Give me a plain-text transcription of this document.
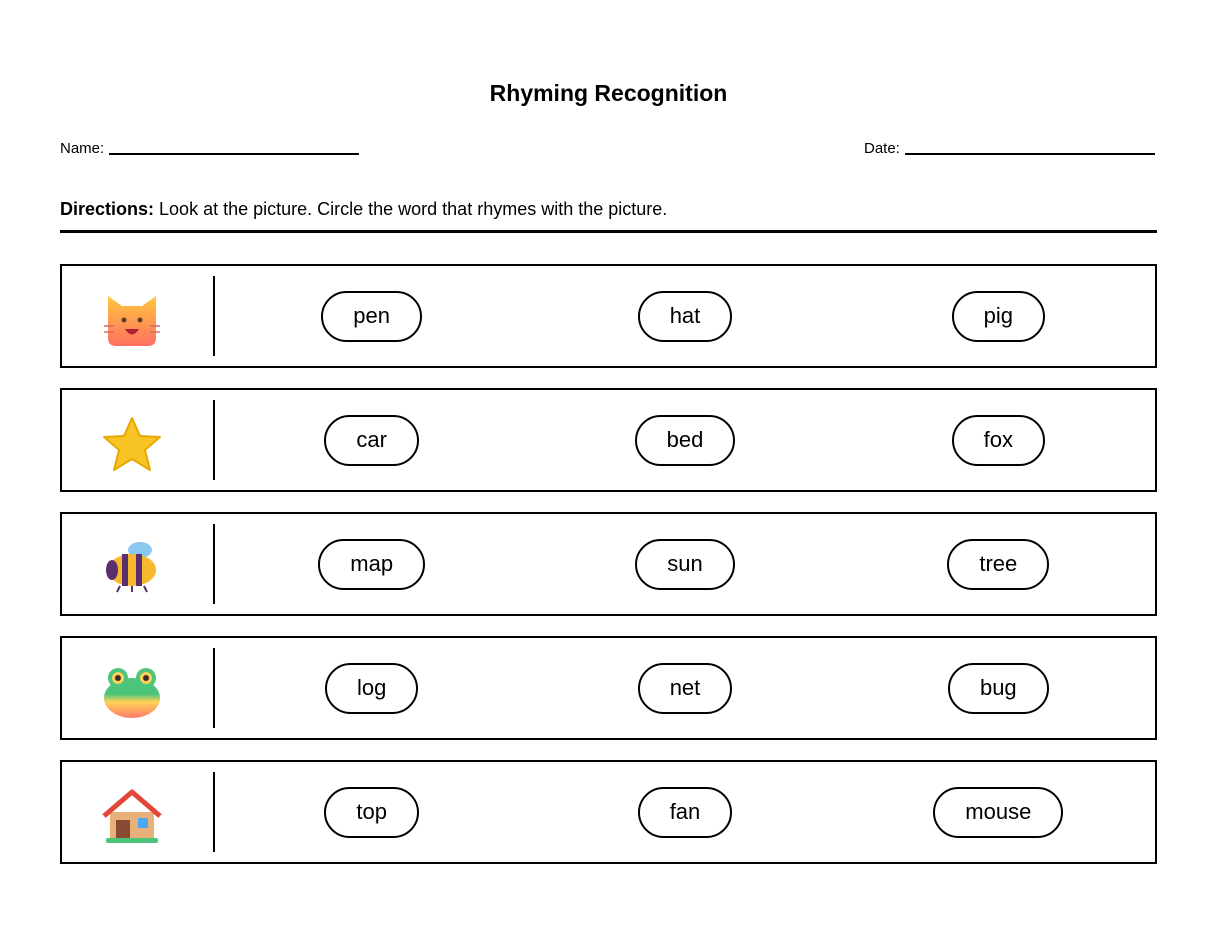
Rhyming Recognition
Name:	Date:
Directions: Look at the picture. Circle the word that rhymes with the picture.
pen	hat	pig
car	bed	fox
map	sun	tree
log	net	bug
top	fan	mouse
